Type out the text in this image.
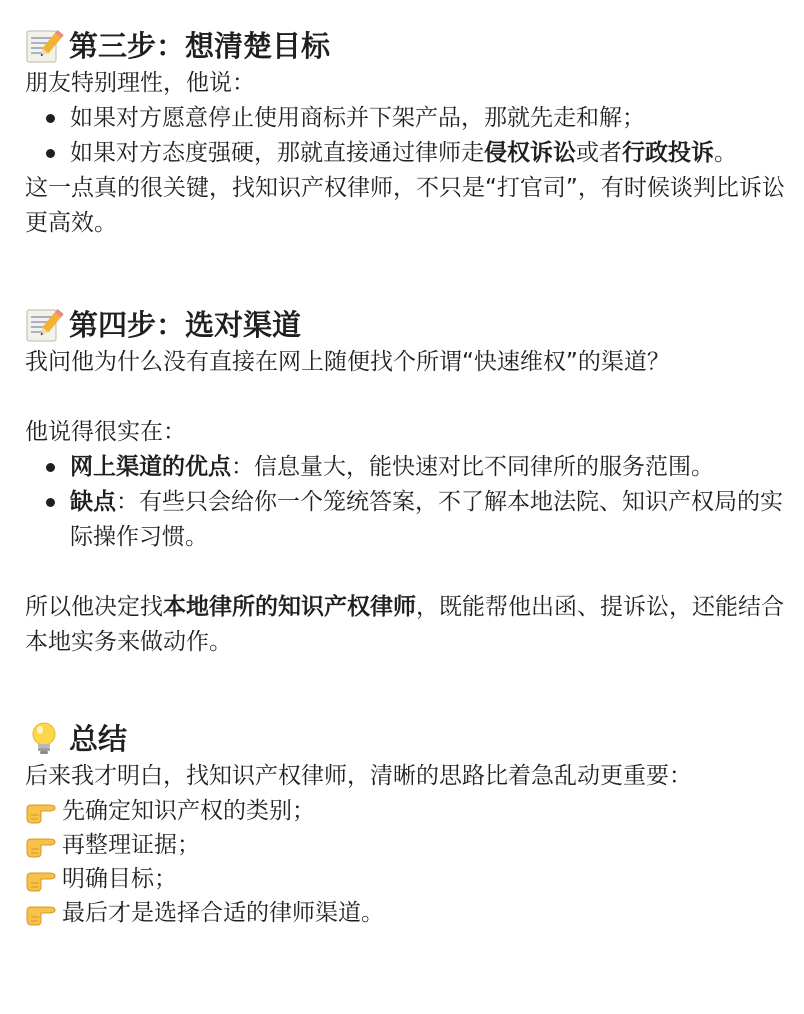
第三步：想清楚目标
朋友特别理性，他说：
如果对方愿意停止使用商标并下架产品，那就先走和解；
如果对方态度强硬，那就直接通过律师走侵权诉讼或者行政投诉。
这一点真的很关键，找知识产权律师，不只是“打官司”，有时候谈判比诉讼更高效。
第四步：选对渠道
我问他为什么没有直接在网上随便找个所谓“快速维权”的渠道？
他说得很实在：
网上渠道的优点：信息量大，能快速对比不同律所的服务范围。
缺点：有些只会给你一个笼统答案，不了解本地法院、知识产权局的实际操作习惯。
所以他决定找本地律所的知识产权律师，既能帮他出函、提诉讼，还能结合本地实务来做动作。
总结
后来我才明白，找知识产权律师，清晰的思路比着急乱动更重要：
先确定知识产权的类别；
再整理证据；
明确目标；
最后才是选择合适的律师渠道。
